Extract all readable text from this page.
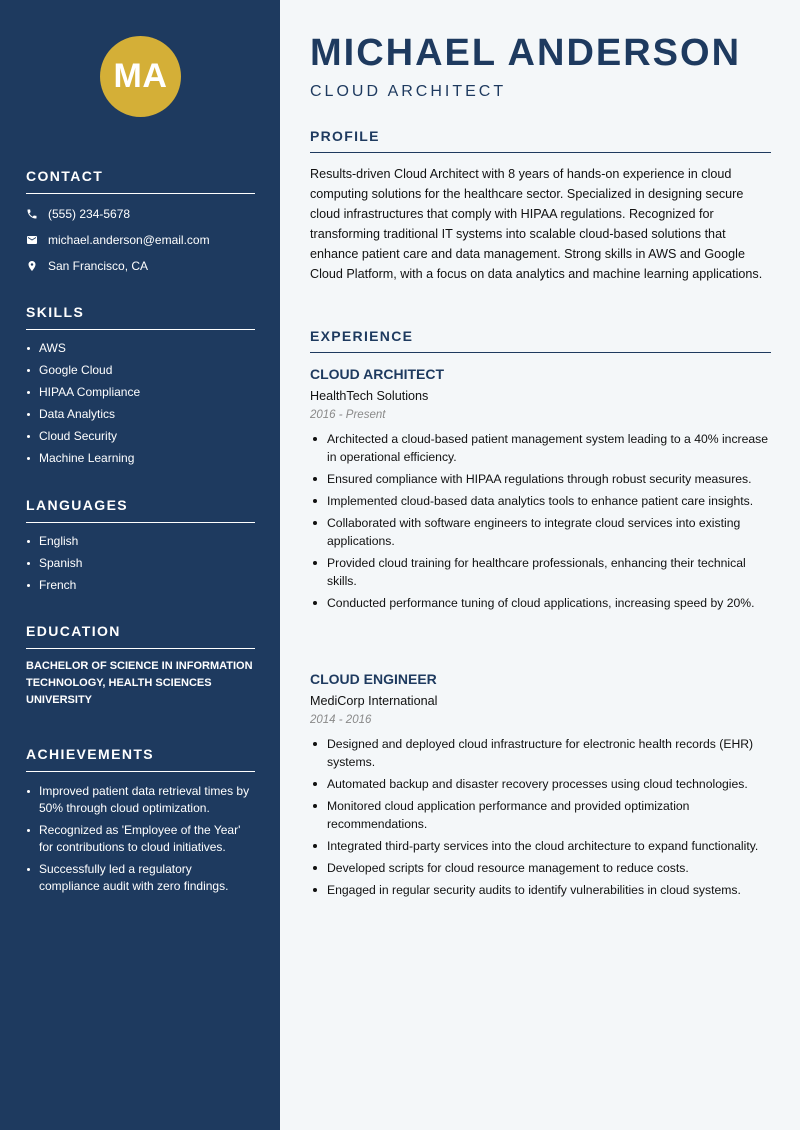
MA
CONTACT
(555) 234-5678
michael.anderson@email.com
San Francisco, CA
SKILLS
AWS
Google Cloud
HIPAA Compliance
Data Analytics
Cloud Security
Machine Learning
LANGUAGES
English
Spanish
French
EDUCATION
BACHELOR OF SCIENCE IN INFORMATION TECHNOLOGY, HEALTH SCIENCES UNIVERSITY
ACHIEVEMENTS
Improved patient data retrieval times by 50% through cloud optimization.
Recognized as 'Employee of the Year' for contributions to cloud initiatives.
Successfully led a regulatory compliance audit with zero findings.
MICHAEL ANDERSON
CLOUD ARCHITECT
PROFILE

Results-driven Cloud Architect with 8 years of hands-on experience in cloud computing solutions for the healthcare sector. Specialized in designing secure cloud infrastructures that comply with HIPAA regulations. Recognized for transforming traditional IT systems into scalable cloud-based solutions that enhance patient care and data management. Strong skills in AWS and Google Cloud Platform, with a focus on data analytics and machine learning applications.

EXPERIENCE
CLOUD ARCHITECT
HealthTech Solutions
2016 - Present
Architected a cloud-based patient management system leading to a 40% increase in operational efficiency.
Ensured compliance with HIPAA regulations through robust security measures.
Implemented cloud-based data analytics tools to enhance patient care insights.
Collaborated with software engineers to integrate cloud services into existing applications.
Provided cloud training for healthcare professionals, enhancing their technical skills.
Conducted performance tuning of cloud applications, increasing speed by 20%.
CLOUD ENGINEER
MediCorp International
2014 - 2016
Designed and deployed cloud infrastructure for electronic health records (EHR) systems.
Automated backup and disaster recovery processes using cloud technologies.
Monitored cloud application performance and provided optimization recommendations.
Integrated third-party services into the cloud architecture to expand functionality.
Developed scripts for cloud resource management to reduce costs.
Engaged in regular security audits to identify vulnerabilities in cloud systems.
